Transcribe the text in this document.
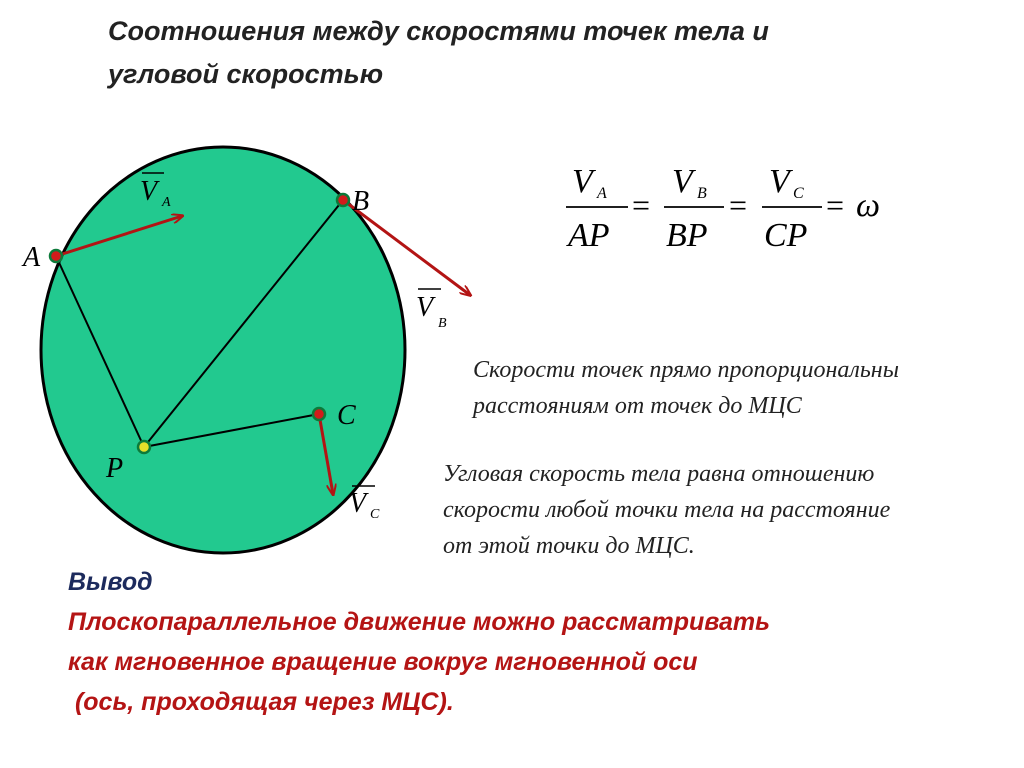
Соотношения между скоростями точек тела и
угловой скоростью
A
B
C
P
V A
V
B
V C
V A
AP
=
V B
BP
=
V C
CP
= ω
Скорости точек прямо пропорциональны
расстояниям от точек до МЦС
Угловая скорость тела равна отношению
скорости любой точки тела на расстояние
от этой точки до МЦС.
Вывод
Плоскопараллельное движение можно рассматривать
как мгновенное вращение вокруг мгновенной оси
(ось, проходящая через МЦС).
